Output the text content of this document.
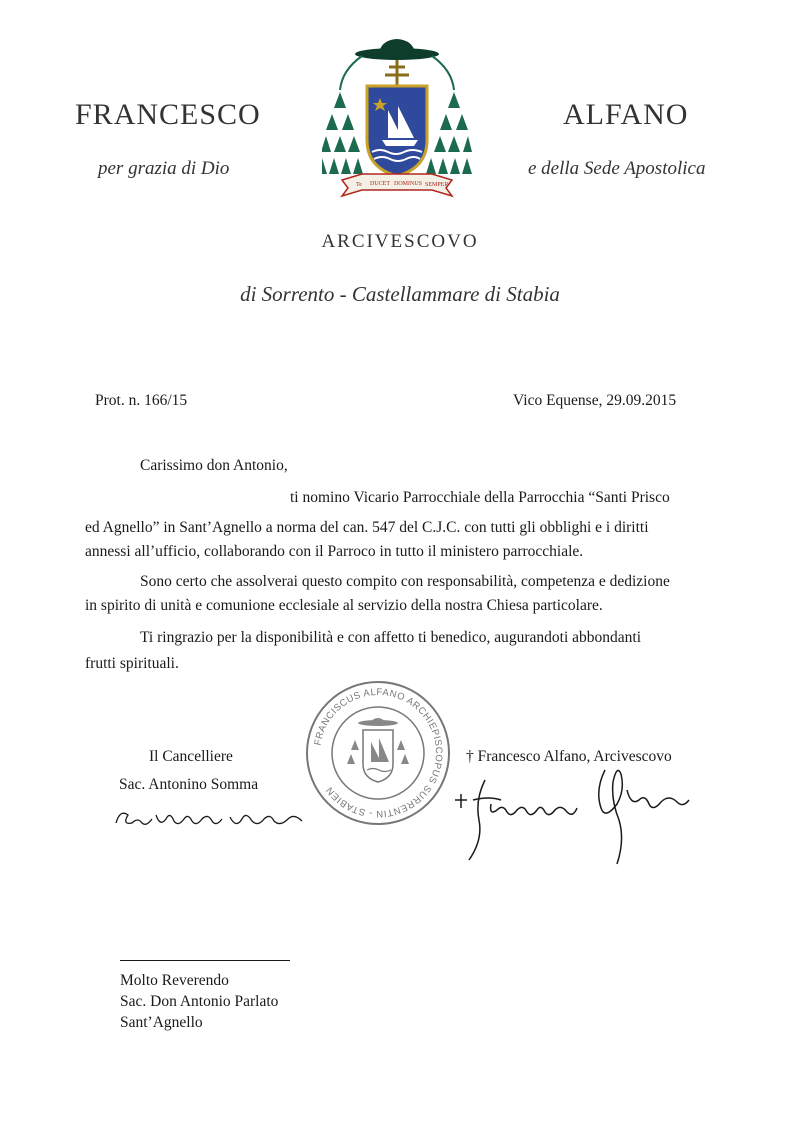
FRANCESCO	ALFANO
per grazia di Dio	e della Sede Apostolica
Te DUCET DOMINUS SEMPER
ARCIVESCOVO
di Sorrento - Castellammare di Stabia
Prot. n. 166/15	Vico Equense, 29.09.2015
Carissimo don Antonio,
ti nomino Vicario Parrocchiale della Parrocchia “Santi Prisco
ed Agnello” in Sant’Agnello a norma del can. 547 del C.J.C. con tutti gli obblighi e i diritti
annessi all’ufficio, collaborando con il Parroco in tutto il ministero parrocchiale.
Sono certo che assolverai questo compito con responsabilità, competenza e dedizione
in spirito di unità e comunione ecclesiale al servizio della nostra Chiesa particolare.
Ti ringrazio per la disponibilità e con affetto ti benedico, augurandoti abbondanti
frutti spirituali.
FRANCISCUS ALFANO ARCHIEPISCOPUS SURRENTIN - STABIEN
Il Cancelliere
Sac. Antonino Somma
† Francesco Alfano, Arcivescovo
Molto Reverendo
Sac. Don Antonio Parlato
Sant’Agnello
